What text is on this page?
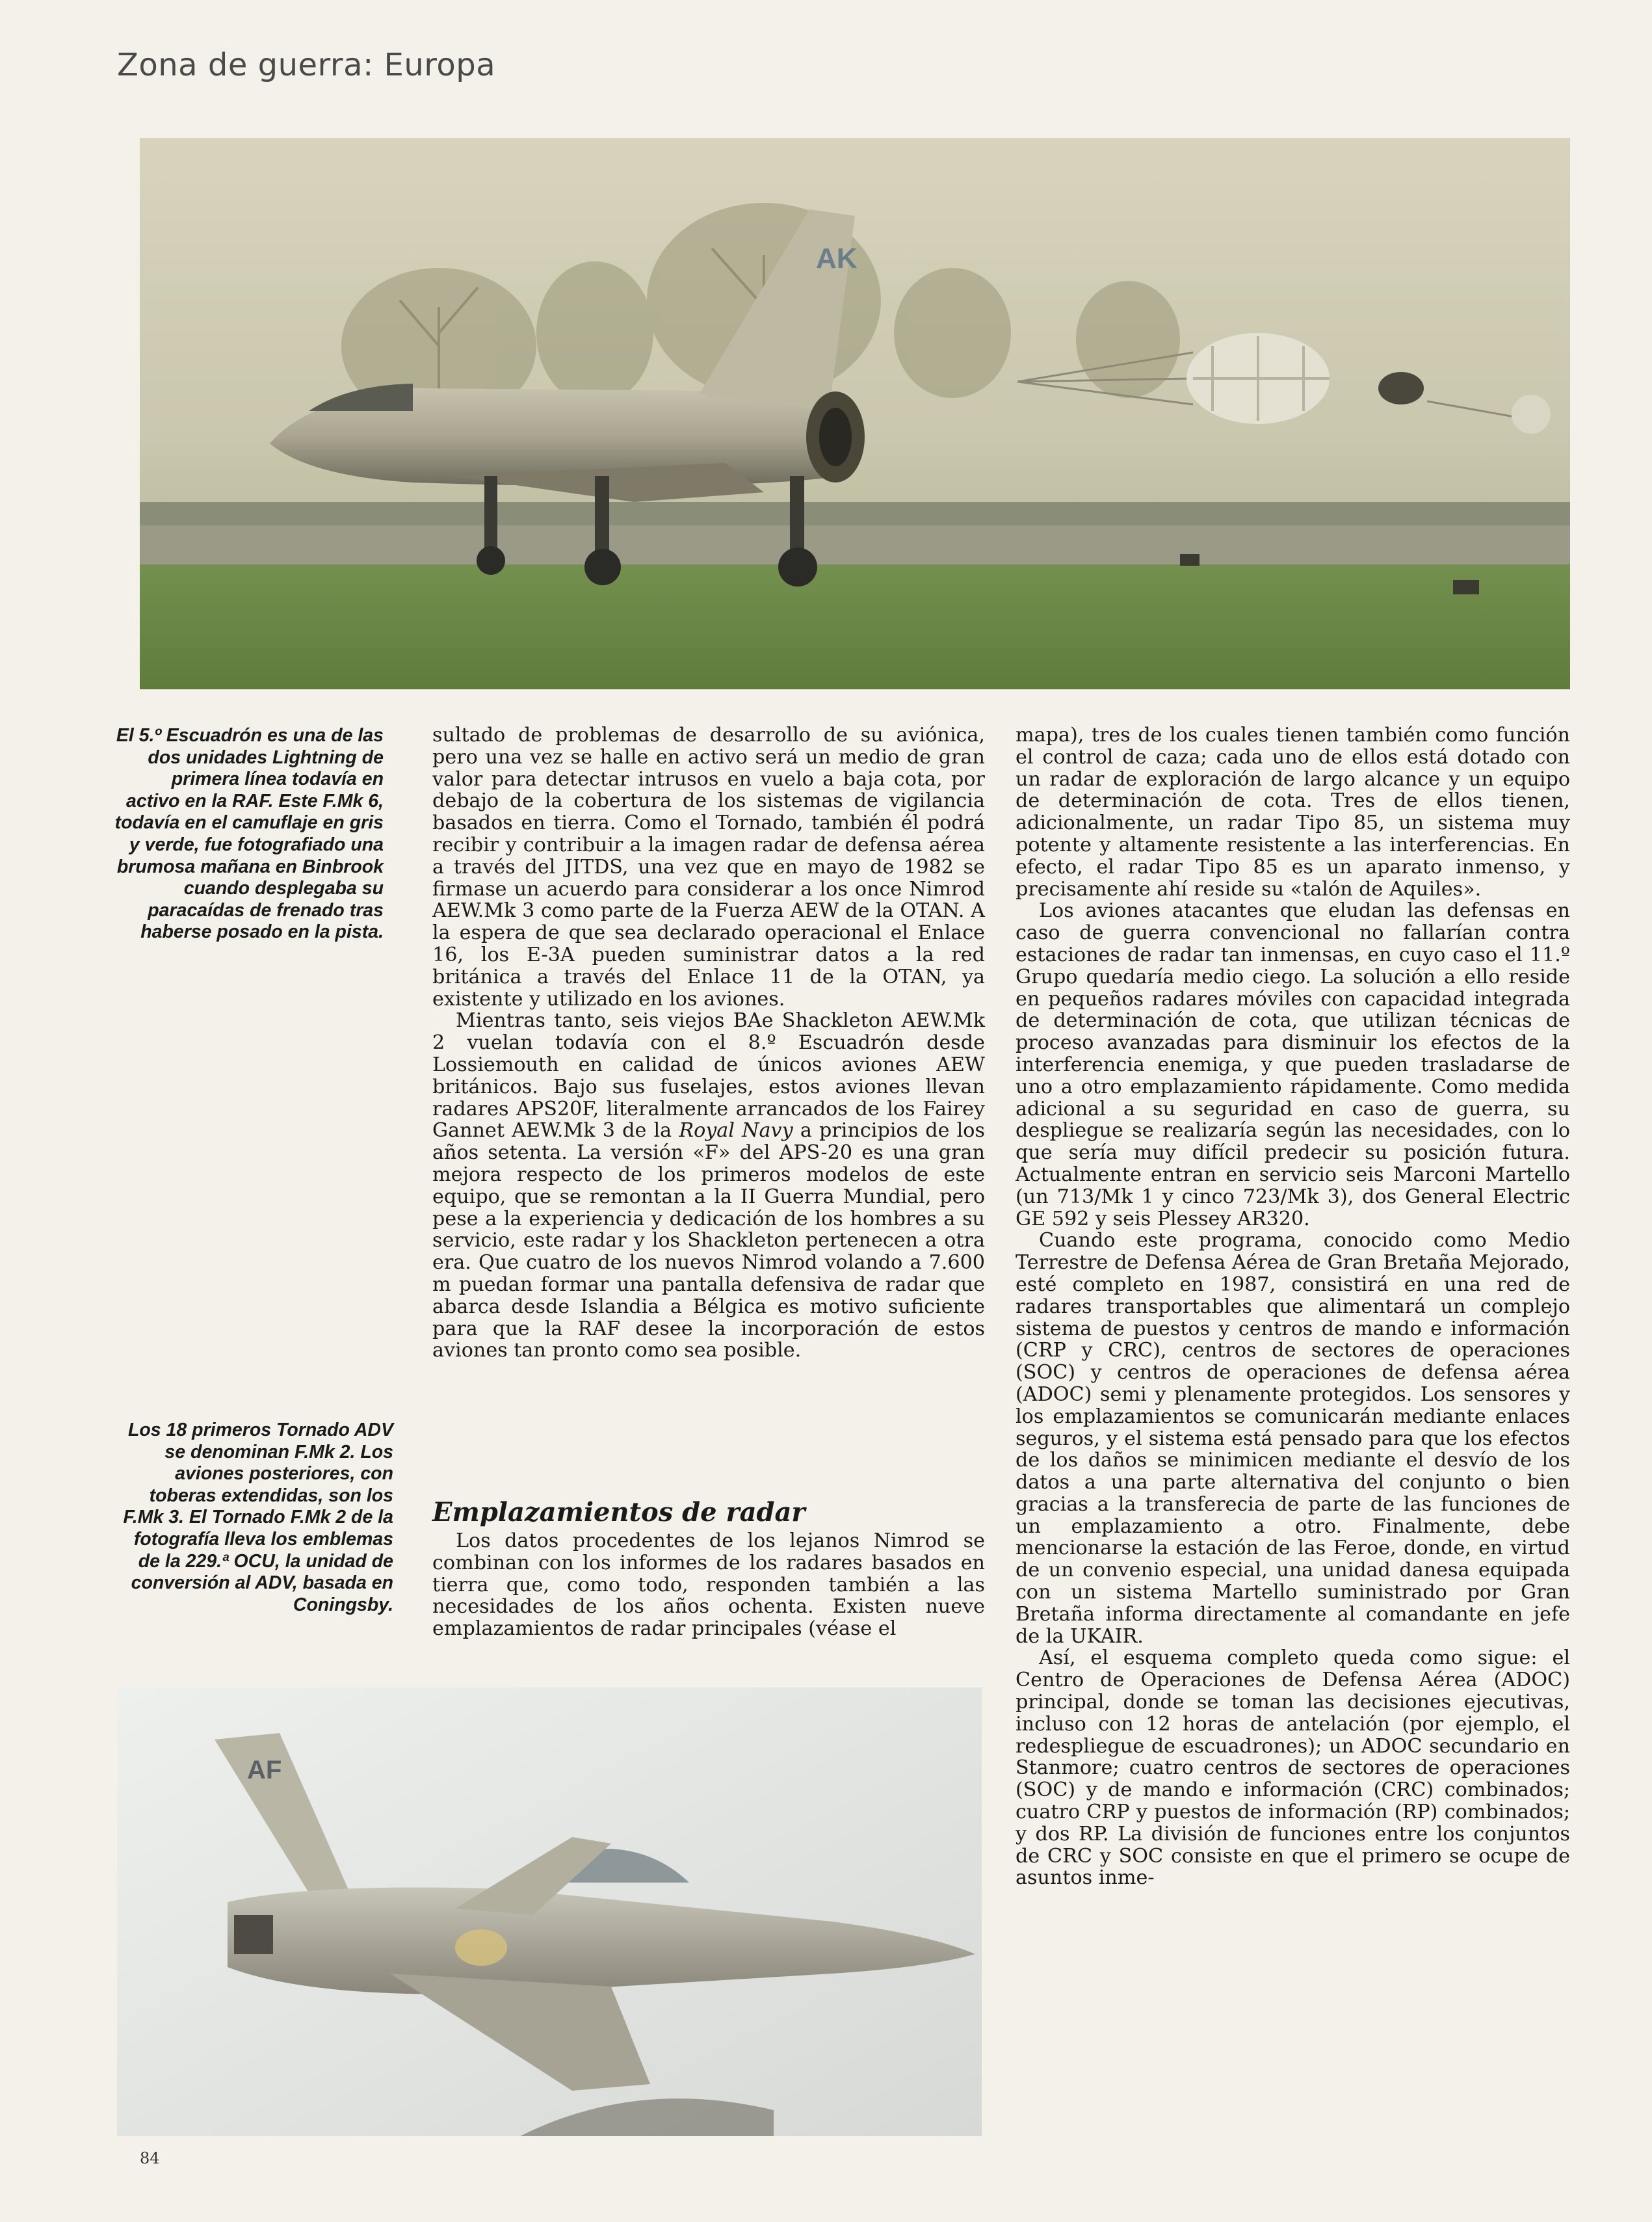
Zona de guerra: Europa
AK

El 5.º Escuadrón es una de las dos unidades Lightning de primera línea todavía en activo en la RAF. Este F.Mk 6, todavía en el camuflaje en gris y verde, fue fotografiado una brumosa mañana en Binbrook cuando desplegaba su paracaídas de frenado tras haberse posado en la pista.

sultado de problemas de desarrollo de su aviónica, pero una vez se halle en activo será un medio de gran valor para detectar intrusos en vuelo a baja cota, por debajo de la cobertura de los sistemas de vigilancia basados en tierra. Como el Tornado, también él podrá recibir y contribuir a la imagen radar de defensa aérea a través del JITDS, una vez que en mayo de 1982 se firmase un acuerdo para considerar a los once Nimrod AEW.Mk 3 como parte de la Fuerza AEW de la OTAN. A la espera de que sea declarado operacional el Enlace 16, los E-3A pueden suministrar datos a la red británica a través del Enlace 11 de la OTAN, ya existente y utilizado en los aviones.

Mientras tanto, seis viejos BAe Shackleton AEW.Mk 2 vuelan todavía con el 8.º Escuadrón desde Lossiemouth en calidad de únicos aviones AEW británicos. Bajo sus fuselajes, estos aviones llevan radares APS20F, literalmente arrancados de los Fairey Gannet AEW.Mk 3 de la Royal Navy a principios de los años setenta. La versión «F» del APS-20 es una gran mejora respecto de los primeros modelos de este equipo, que se remontan a la II Guerra Mundial, pero pese a la experiencia y dedicación de los hombres a su servicio, este radar y los Shackleton pertenecen a otra era. Que cuatro de los nuevos Nimrod volando a 7.600 m puedan formar una pantalla defensiva de radar que abarca desde Islandia a Bélgica es motivo suficiente para que la RAF desee la incorporación de estos aviones tan pronto como sea posible.

Los 18 primeros Tornado ADV se denominan F.Mk 2. Los aviones posteriores, con toberas extendidas, son los F.Mk 3. El Tornado F.Mk 2 de la fotografía lleva los emblemas de la 229.ª OCU, la unidad de conversión al ADV, basada en Coningsby.

Emplazamientos de radar

Los datos procedentes de los lejanos Nimrod se combinan con los informes de los radares basados en tierra que, como todo, responden también a las necesidades de los años ochenta. Existen nueve emplazamientos de radar principales (véase el

mapa), tres de los cuales tienen también como función el control de caza; cada uno de ellos está dotado con un radar de exploración de largo alcance y un equipo de determinación de cota. Tres de ellos tienen, adicionalmente, un radar Tipo 85, un sistema muy potente y altamente resistente a las interferencias. En efecto, el radar Tipo 85 es un aparato inmenso, y precisamente ahí reside su «talón de Aquiles».

Los aviones atacantes que eludan las defensas en caso de guerra convencional no fallarían contra estaciones de radar tan inmensas, en cuyo caso el 11.º Grupo quedaría medio ciego. La solución a ello reside en pequeños radares móviles con capacidad integrada de determinación de cota, que utilizan técnicas de proceso avanzadas para disminuir los efectos de la interferencia enemiga, y que pueden trasladarse de uno a otro emplazamiento rápidamente. Como medida adicional a su seguridad en caso de guerra, su despliegue se realizaría según las necesidades, con lo que sería muy difícil predecir su posición futura. Actualmente entran en servicio seis Marconi Martello (un 713/Mk 1 y cinco 723/Mk 3), dos General Electric GE 592 y seis Plessey AR320.

Cuando este programa, conocido como Medio Terrestre de Defensa Aérea de Gran Bretaña Mejorado, esté completo en 1987, consistirá en una red de radares transportables que alimentará un complejo sistema de puestos y centros de mando e información (CRP y CRC), centros de sectores de operaciones (SOC) y centros de operaciones de defensa aérea (ADOC) semi y plenamente protegidos. Los sensores y los emplazamientos se comunicarán mediante enlaces seguros, y el sistema está pensado para que los efectos de los daños se minimicen mediante el desvío de los datos a una parte alternativa del conjunto o bien gracias a la transferecia de parte de las funciones de un emplazamiento a otro. Finalmente, debe mencionarse la estación de las Feroe, donde, en virtud de un convenio especial, una unidad danesa equipada con un sistema Martello suministrado por Gran Bretaña informa directamente al comandante en jefe de la UKAIR.

Así, el esquema completo queda como sigue: el Centro de Operaciones de Defensa Aérea (ADOC) principal, donde se toman las decisiones ejecutivas, incluso con 12 horas de antelación (por ejemplo, el redespliegue de escuadrones); un ADOC secundario en Stanmore; cuatro centros de sectores de operaciones (SOC) y de mando e información (CRC) combinados; cuatro CRP y puestos de información (RP) combinados; y dos RP. La división de funciones entre los conjuntos de CRC y SOC consiste en que el primero se ocupe de asuntos inme-

AF
84
